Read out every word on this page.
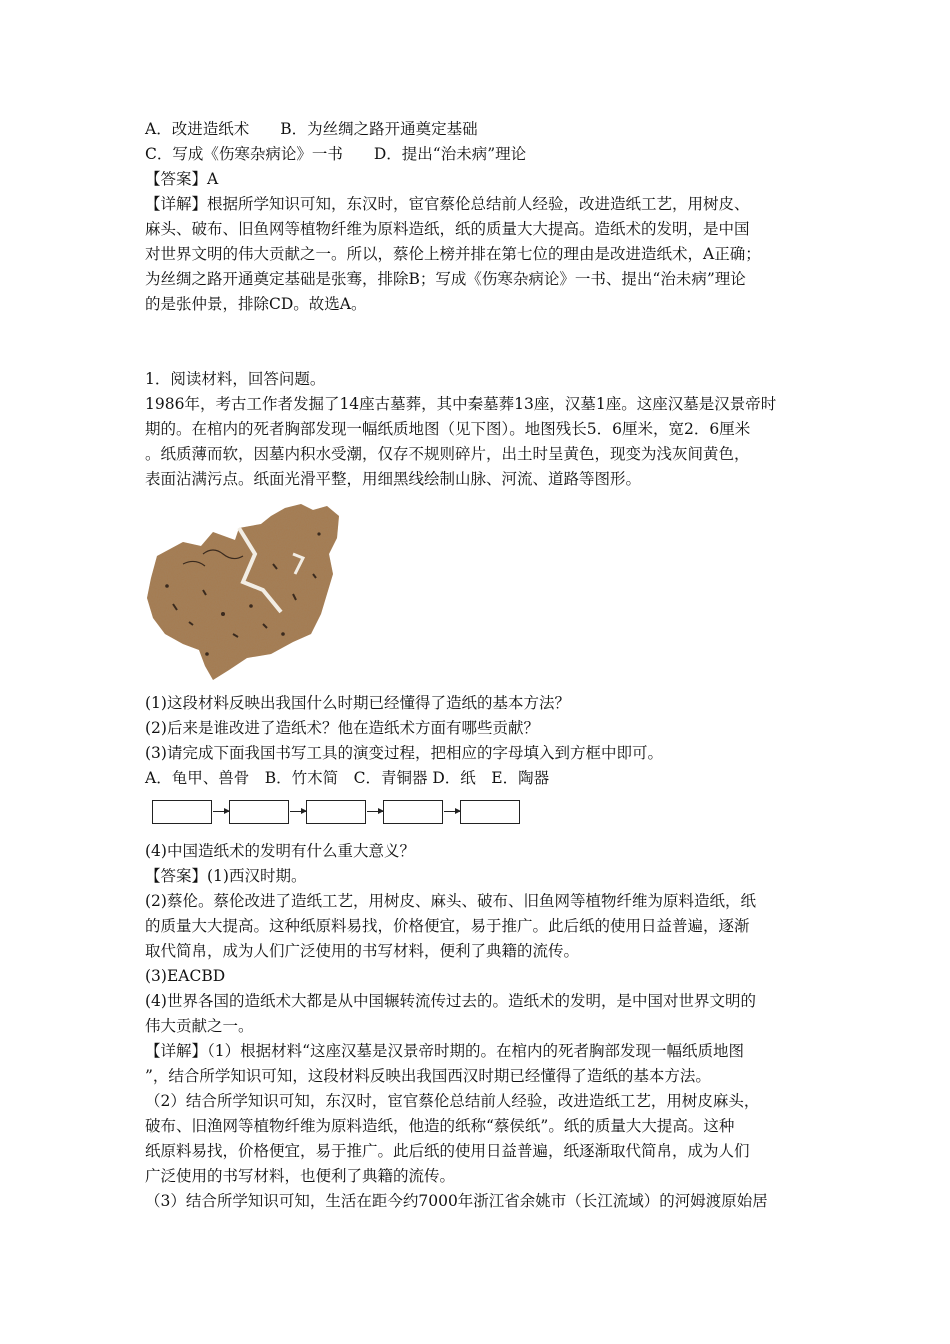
A．改进造纸术　　B．为丝绸之路开通奠定基础
C．写成《伤寒杂病论》一书　　D．提出“治未病”理论
【答案】A
【详解】根据所学知识可知，东汉时，宦官蔡伦总结前人经验，改进造纸工艺，用树皮、
麻头、破布、旧鱼网等植物纤维为原料造纸，纸的质量大大提高。造纸术的发明，是中国
对世界文明的伟大贡献之一。所以，蔡伦上榜并排在第七位的理由是改进造纸术，A正确；
为丝绸之路开通奠定基础是张骞，排除B；写成《伤寒杂病论》一书、提出“治未病”理论
的是张仲景，排除CD。故选A。
1．阅读材料，回答问题。
1986年，考古工作者发掘了14座古墓葬，其中秦墓葬13座，汉墓1座。这座汉墓是汉景帝时
期的。在棺内的死者胸部发现一幅纸质地图（见下图）。地图残长5．6厘米，宽2．6厘米
。纸质薄而软，因墓内积水受潮，仅存不规则碎片，出土时呈黄色，现变为浅灰间黄色，
表面沾满污点。纸面光滑平整，用细黑线绘制山脉、河流、道路等图形。
(1)这段材料反映出我国什么时期已经懂得了造纸的基本方法？
(2)后来是谁改进了造纸术？他在造纸术方面有哪些贡献？
(3)请完成下面我国书写工具的演变过程，把相应的字母填入到方框中即可。
A．龟甲、兽骨　B．竹木简　C．青铜器 D．纸　E．陶器
(4)中国造纸术的发明有什么重大意义？
【答案】(1)西汉时期。
(2)蔡伦。蔡伦改进了造纸工艺，用树皮、麻头、破布、旧鱼网等植物纤维为原料造纸，纸
的质量大大提高。这种纸原料易找，价格便宜，易于推广。此后纸的使用日益普遍，逐渐
取代简帛，成为人们广泛使用的书写材料，便利了典籍的流传。
(3)EACBD
(4)世界各国的造纸术大都是从中国辗转流传过去的。造纸术的发明，是中国对世界文明的
伟大贡献之一。
【详解】（1）根据材料“这座汉墓是汉景帝时期的。在棺内的死者胸部发现一幅纸质地图
”，结合所学知识可知，这段材料反映出我国西汉时期已经懂得了造纸的基本方法。
（2）结合所学知识可知，东汉时，宦官蔡伦总结前人经验，改进造纸工艺，用树皮麻头，
破布、旧渔网等植物纤维为原料造纸，他造的纸称“蔡侯纸”。纸的质量大大提高。这种
纸原料易找，价格便宜，易于推广。此后纸的使用日益普遍，纸逐渐取代简帛，成为人们
广泛使用的书写材料，也便利了典籍的流传。
（3）结合所学知识可知，生活在距今约7000年浙江省余姚市（长江流域）的河姆渡原始居
